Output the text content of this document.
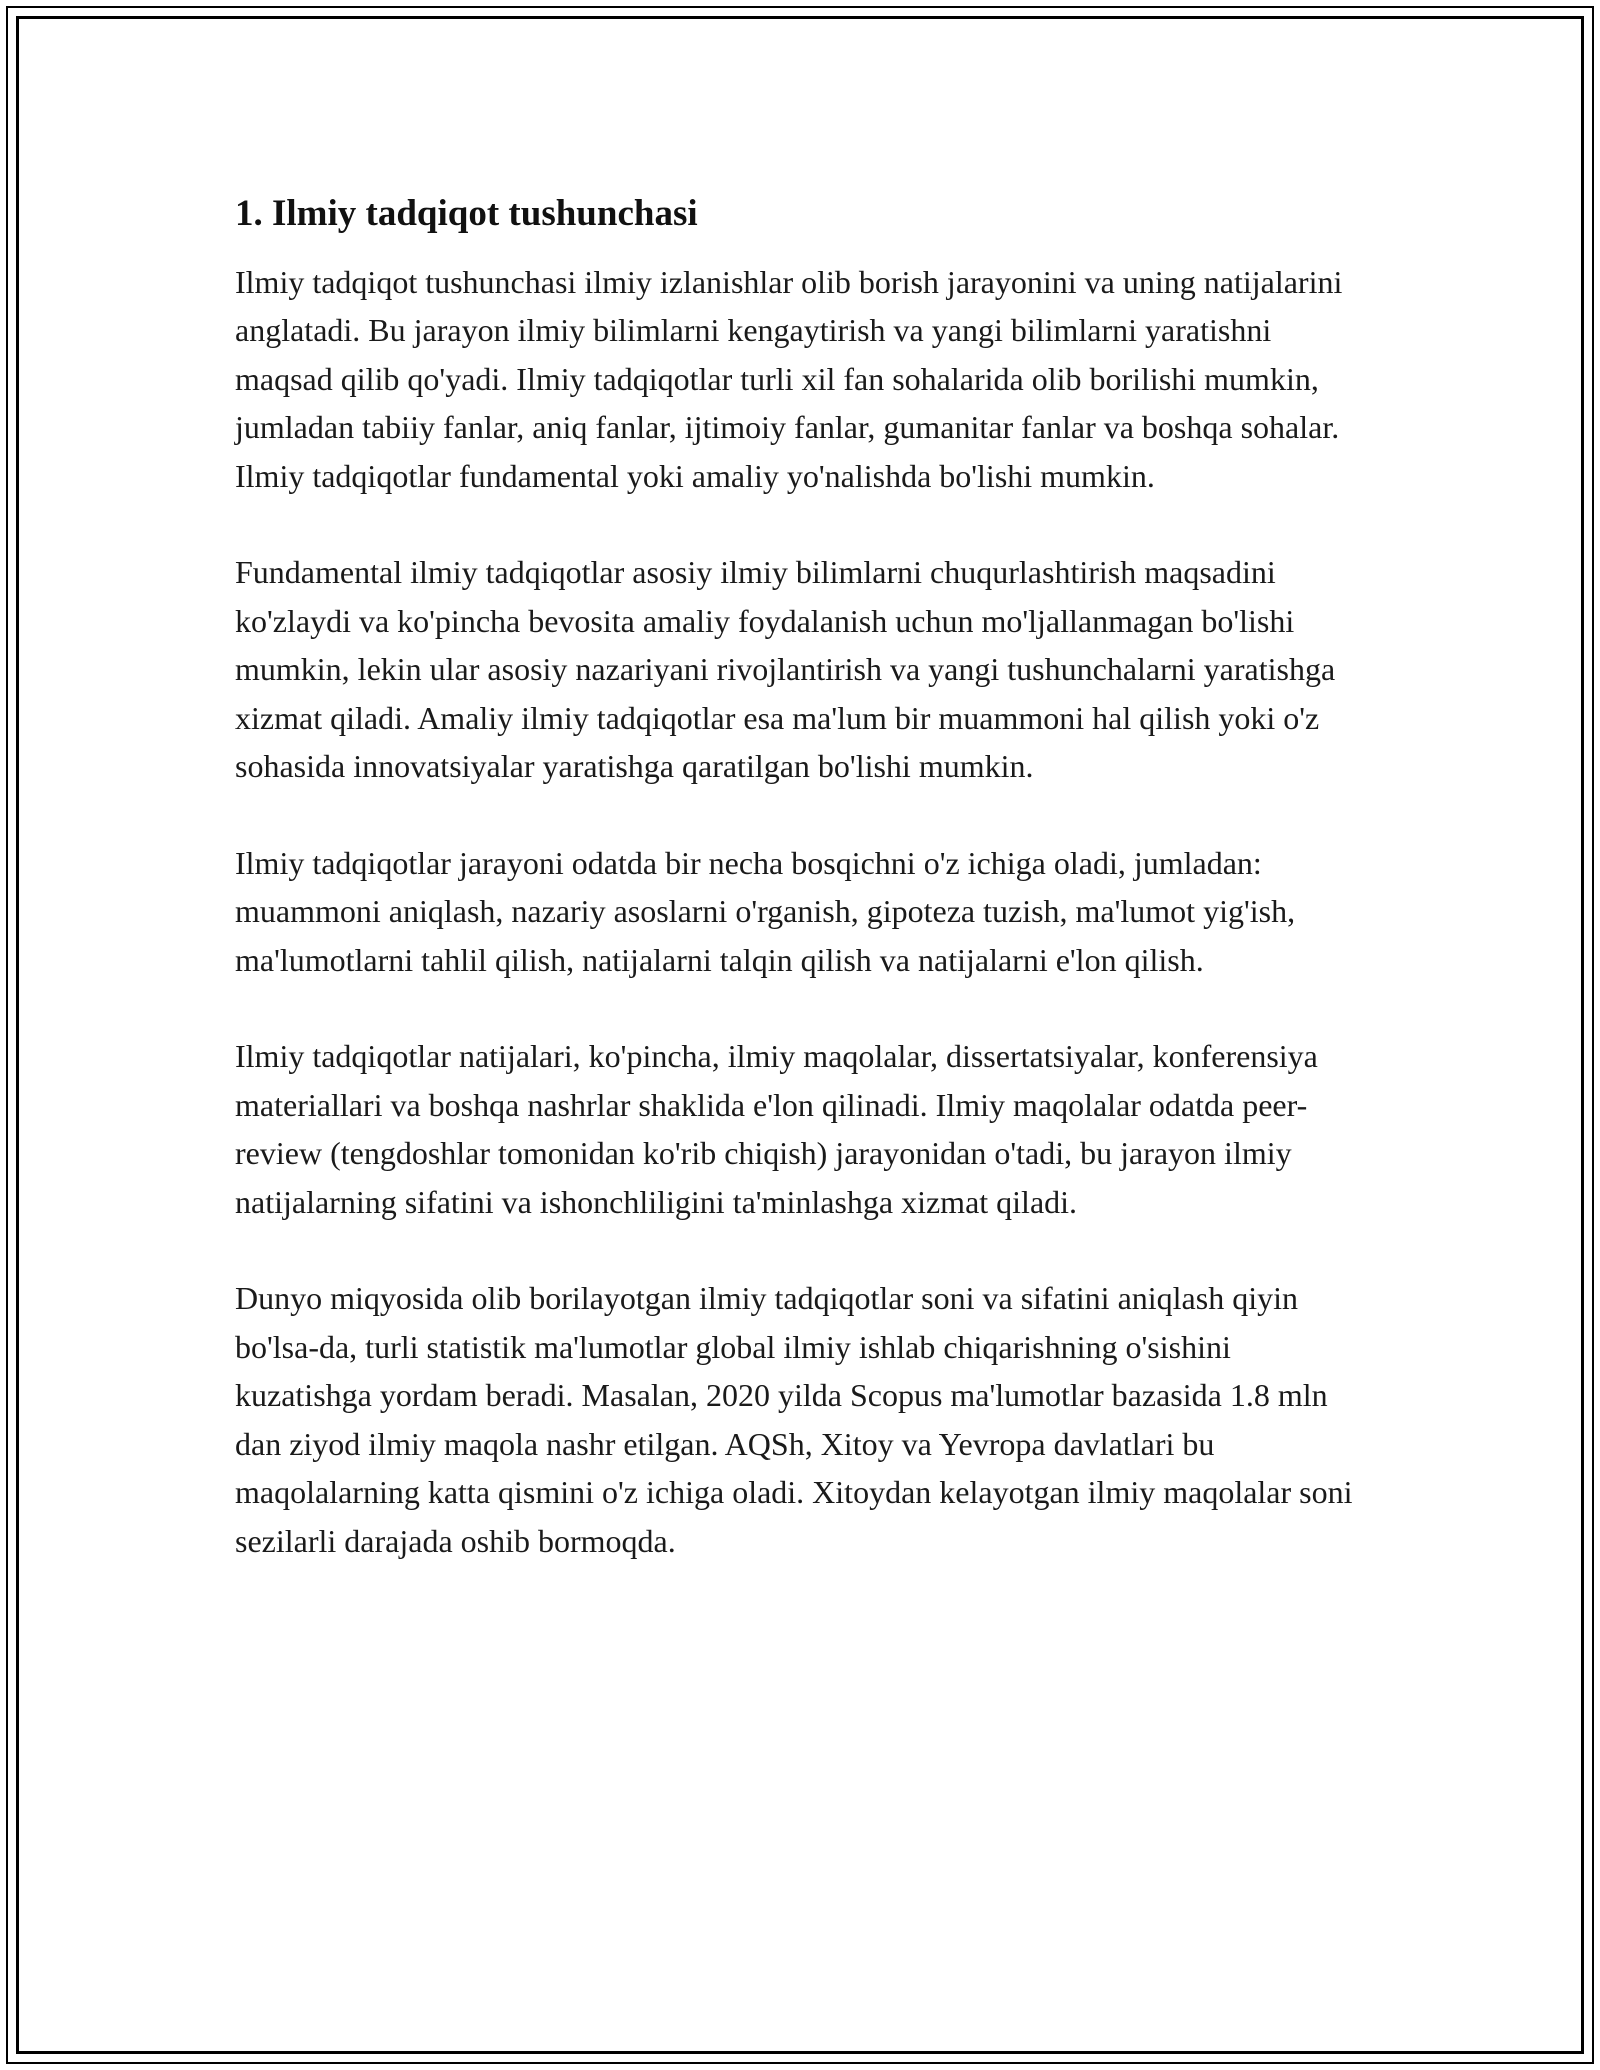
1. Ilmiy tadqiqot tushunchasi

Ilmiy tadqiqot tushunchasi ilmiy izlanishlar olib borish jarayonini va uning natijalarini anglatadi. Bu jarayon ilmiy bilimlarni kengaytirish va yangi bilimlarni yaratishni maqsad qilib qo'yadi. Ilmiy tadqiqotlar turli xil fan sohalarida olib borilishi mumkin, jumladan tabiiy fanlar, aniq fanlar, ijtimoiy fanlar, gumanitar fanlar va boshqa sohalar. Ilmiy tadqiqotlar fundamental yoki amaliy yo'nalishda bo'lishi mumkin.

Fundamental ilmiy tadqiqotlar asosiy ilmiy bilimlarni chuqurlashtirish maqsadini ko'zlaydi va ko'pincha bevosita amaliy foydalanish uchun mo'ljallanmagan bo'lishi mumkin, lekin ular asosiy nazariyani rivojlantirish va yangi tushunchalarni yaratishga xizmat qiladi. Amaliy ilmiy tadqiqotlar esa ma'lum bir muammoni hal qilish yoki o'z sohasida innovatsiyalar yaratishga qaratilgan bo'lishi mumkin.

Ilmiy tadqiqotlar jarayoni odatda bir necha bosqichni o'z ichiga oladi, jumladan: muammoni aniqlash, nazariy asoslarni o'rganish, gipoteza tuzish, ma'lumot yig'ish, ma'lumotlarni tahlil qilish, natijalarni talqin qilish va natijalarni e'lon qilish.

Ilmiy tadqiqotlar natijalari, ko'pincha, ilmiy maqolalar, dissertatsiyalar, konferensiya materiallari va boshqa nashrlar shaklida e'lon qilinadi. Ilmiy maqolalar odatda peer-review (tengdoshlar tomonidan ko'rib chiqish) jarayonidan o'tadi, bu jarayon ilmiy natijalarning sifatini va ishonchliligini ta'minlashga xizmat qiladi.

Dunyo miqyosida olib borilayotgan ilmiy tadqiqotlar soni va sifatini aniqlash qiyin bo'lsa-da, turli statistik ma'lumotlar global ilmiy ishlab chiqarishning o'sishini kuzatishga yordam beradi. Masalan, 2020 yilda Scopus ma'lumotlar bazasida 1.8 mln dan ziyod ilmiy maqola nashr etilgan. AQSh, Xitoy va Yevropa davlatlari bu maqolalarning katta qismini o'z ichiga oladi. Xitoydan kelayotgan ilmiy maqolalar soni sezilarli darajada oshib bormoqda.
